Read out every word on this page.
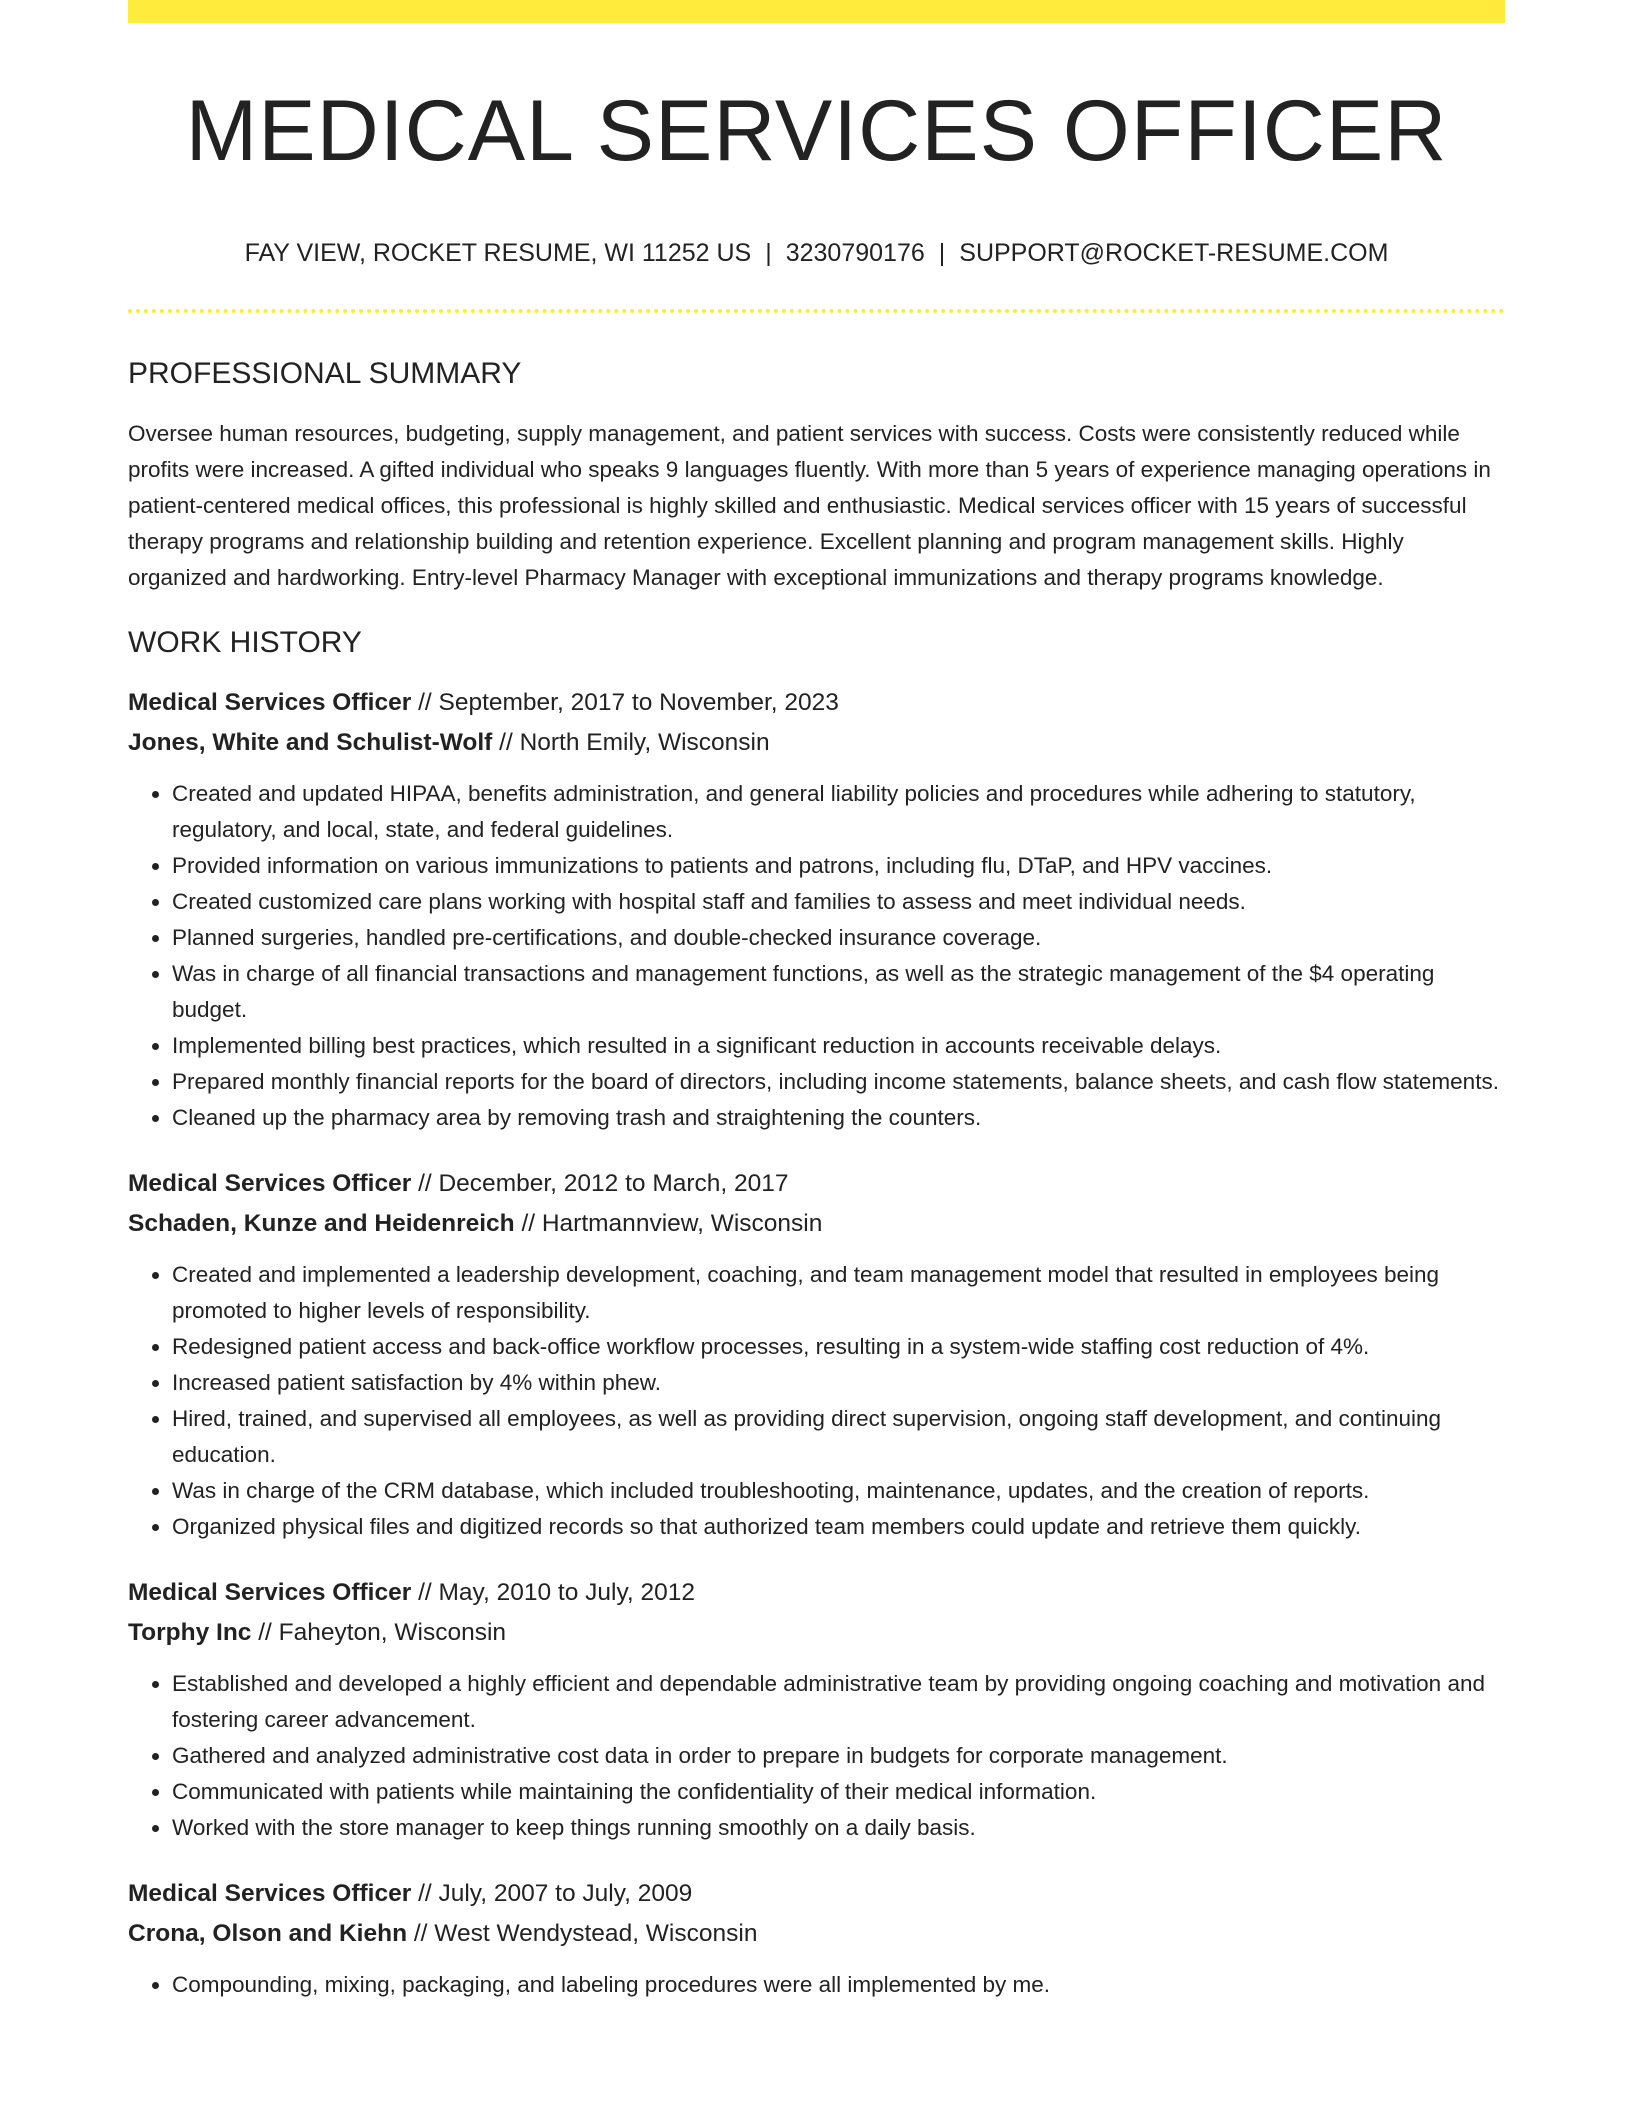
MEDICAL SERVICES OFFICER
FAY VIEW, ROCKET RESUME, WI 11252 US | 3230790176 | SUPPORT@ROCKET-RESUME.COM
PROFESSIONAL SUMMARY

Oversee human resources, budgeting, supply management, and patient services with success. Costs were consistently reduced while profits were increased. A gifted individual who speaks 9 languages fluently. With more than 5 years of experience managing operations in patient-centered medical offices, this professional is highly skilled and enthusiastic. Medical services officer with 15 years of successful therapy programs and relationship building and retention experience. Excellent planning and program management skills. Highly organized and hardworking. Entry-level Pharmacy Manager with exceptional immunizations and therapy programs knowledge.

WORK HISTORY
Medical Services Officer // September, 2017 to November, 2023
Jones, White and Schulist-Wolf // North Emily, Wisconsin
• Created and updated HIPAA, benefits administration, and general liability policies and procedures while adhering to statutory, regulatory, and local, state, and federal guidelines.
• Provided information on various immunizations to patients and patrons, including flu, DTaP, and HPV vaccines.
• Created customized care plans working with hospital staff and families to assess and meet individual needs.
• Planned surgeries, handled pre-certifications, and double-checked insurance coverage.
• Was in charge of all financial transactions and management functions, as well as the strategic management of the $4 operating budget.
• Implemented billing best practices, which resulted in a significant reduction in accounts receivable delays.
• Prepared monthly financial reports for the board of directors, including income statements, balance sheets, and cash flow statements.
• Cleaned up the pharmacy area by removing trash and straightening the counters.
Medical Services Officer // December, 2012 to March, 2017
Schaden, Kunze and Heidenreich // Hartmannview, Wisconsin
• Created and implemented a leadership development, coaching, and team management model that resulted in employees being promoted to higher levels of responsibility.
• Redesigned patient access and back-office workflow processes, resulting in a system-wide staffing cost reduction of 4%.
• Increased patient satisfaction by 4% within phew.
• Hired, trained, and supervised all employees, as well as providing direct supervision, ongoing staff development, and continuing education.
• Was in charge of the CRM database, which included troubleshooting, maintenance, updates, and the creation of reports.
• Organized physical files and digitized records so that authorized team members could update and retrieve them quickly.
Medical Services Officer // May, 2010 to July, 2012
Torphy Inc // Faheyton, Wisconsin
• Established and developed a highly efficient and dependable administrative team by providing ongoing coaching and motivation and fostering career advancement.
• Gathered and analyzed administrative cost data in order to prepare in budgets for corporate management.
• Communicated with patients while maintaining the confidentiality of their medical information.
• Worked with the store manager to keep things running smoothly on a daily basis.
Medical Services Officer // July, 2007 to July, 2009
Crona, Olson and Kiehn // West Wendystead, Wisconsin
• Compounding, mixing, packaging, and labeling procedures were all implemented by me.
